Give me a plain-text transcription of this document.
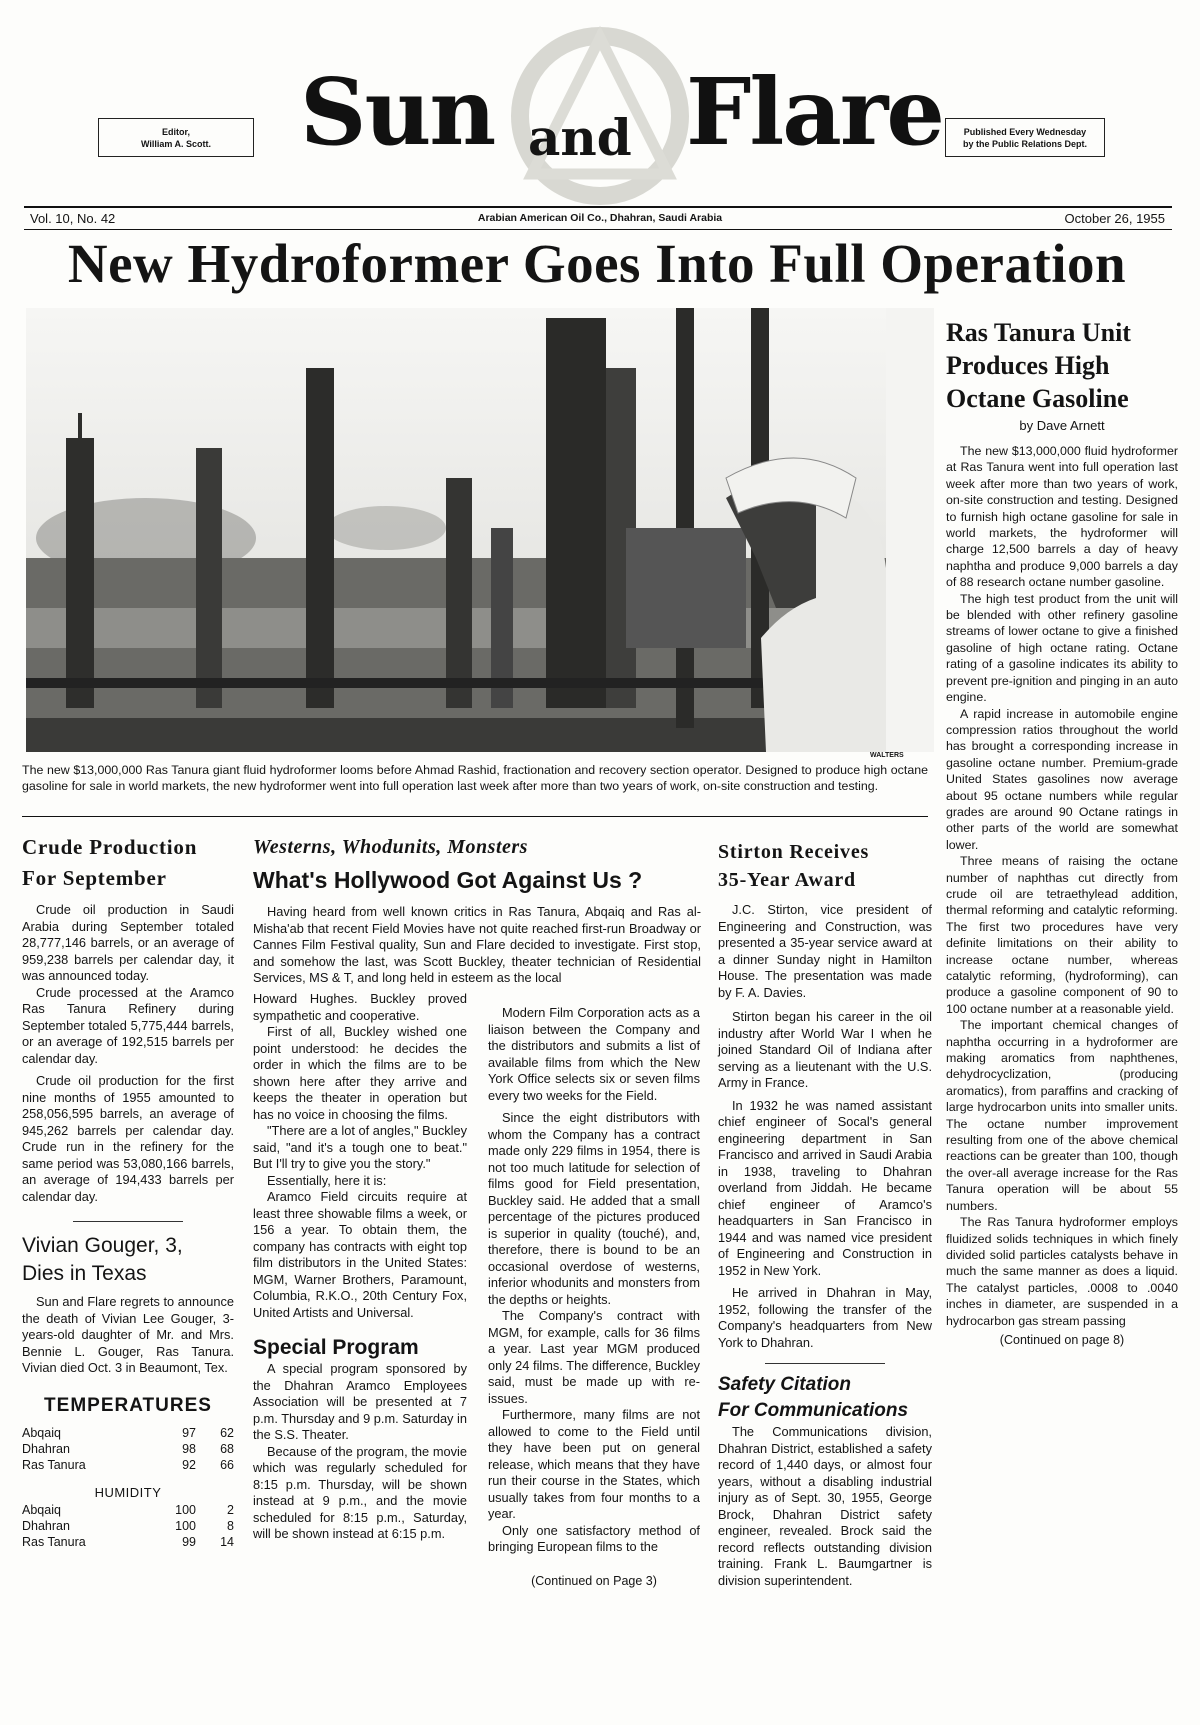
Editor,
William A. Scott. Sun and Flare	Published Every Wednesday
by the Public Relations Dept.
Vol. 10, No. 42	Arabian American Oil Co., Dhahran, Saudi Arabia	October 26, 1955
New Hydroformer Goes Into Full Operation
WALTERS
The new $13,000,000 Ras Tanura giant fluid hydroformer looms before Ahmad Rashid, fractionation and recovery section operator. Designed to produce high octane gasoline for sale in world markets, the new hydroformer went into full operation last week after more than two years of work, on-site construction and testing.
Ras Tanura Unit
Produces High
Octane Gasoline
by Dave Arnett

The new $13,000,000 fluid hydroformer at Ras Tanura went into full operation last week after more than two years of work, on-site construction and testing. Designed to furnish high octane gasoline for sale in world markets, the hydroformer will charge 12,500 barrels a day of heavy naphtha and produce 9,000 barrels a day of 88 research octane number gasoline.

The high test product from the unit will be blended with other refinery gasoline streams of lower octane to give a finished gasoline of high octane rating. Octane rating of a gasoline indicates its ability to prevent pre-ignition and pinging in an auto engine.

A rapid increase in automobile engine compression ratios throughout the world has brought a corresponding increase in gasoline octane number. Premium-grade United States gasolines now average about 95 octane numbers while regular grades are around 90 Octane ratings in other parts of the world are somewhat lower.

Three means of raising the octane number of naphthas cut directly from crude oil are tetraethylead addition, thermal reforming and catalytic reforming. The first two procedures have very definite limitations on their ability to increase octane number, whereas catalytic reforming, (hydroforming), can produce a gasoline component of 90 to 100 octane number at a reasonable yield.

The important chemical changes of naphtha occurring in a hydroformer are making aromatics from naphthenes, dehydrocyclization, (producing aromatics), from paraffins and cracking of large hydrocarbon units into smaller units. The octane number improvement resulting from one of the above chemical reactions can be greater than 100, though the over-all average increase for the Ras Tanura operation will be about 55 numbers.

The Ras Tanura hydroformer employs fluidized solids techniques in which finely divided solid particles catalysts behave in much the same manner as does a liquid. The catalyst particles, .0008 to .0040 inches in diameter, are suspended in a hydrocarbon gas stream passing

(Continued on page 8)
Crude Production
For September

Crude oil production in Saudi Arabia during September totaled 28,777,146 barrels, or an average of 959,238 barrels per calendar day, it was announced today.

Crude processed at the Aramco Ras Tanura Refinery during September totaled 5,775,444 barrels, or an average of 192,515 barrels per calendar day.

Crude oil production for the first nine months of 1955 amounted to 258,056,595 barrels, an average of 945,262 barrels per calendar day. Crude run in the refinery for the same period was 53,080,166 barrels, an average of 194,433 barrels per calendar day.

Vivian Gouger, 3,
Dies in Texas

Sun and Flare regrets to announce the death of Vivian Lee Gouger, 3-years-old daughter of Mr. and Mrs. Bennie L. Gouger, Ras Tanura. Vivian died Oct. 3 in Beaumont, Tex.

TEMPERATURES
Abqaiq	97	62
Dhahran	98	68
Ras Tanura	92	66
HUMIDITY
Abqaiq	100	2
Dhahran	100	8
Ras Tanura	99	14
Westerns, Whodunits, Monsters
What's Hollywood Got Against Us ?

Having heard from well known critics in Ras Tanura, Abqaiq and Ras al-Misha'ab that recent Field Movies have not quite reached first-run Broadway or Cannes Film Festival quality, Sun and Flare decided to investigate. First stop, and somehow the last, was Scott Buckley, theater technician of Residential Services, MS & T, and long held in esteem as the local

Howard Hughes. Buckley proved sympathetic and cooperative.

First of all, Buckley wished one point understood: he decides the order in which the films are to be shown here after they arrive and keeps the theater in operation but has no voice in choosing the films.

"There are a lot of angles," Buckley said, "and it's a tough one to beat." But I'll try to give you the story."

Essentially, here it is:

Aramco Field circuits require at least three showable films a week, or 156 a year. To obtain them, the company has contracts with eight top film distributors in the United States: MGM, Warner Brothers, Paramount, Columbia, R.K.O., 20th Century Fox, United Artists and Universal.

Special Program

A special program sponsored by the Dhahran Aramco Employees Association will be presented at 7 p.m. Thursday and 9 p.m. Saturday in the S.S. Theater.

Because of the program, the movie which was regularly scheduled for 8:15 p.m. Thursday, will be shown instead at 9 p.m., and the movie scheduled for 8:15 p.m., Saturday, will be shown instead at 6:15 p.m.

Modern Film Corporation acts as a liaison between the Company and the distributors and submits a list of available films from which the New York Office selects six or seven films every two weeks for the Field.

Since the eight distributors with whom the Company has a contract made only 229 films in 1954, there is not too much latitude for selection of films good for Field presentation, Buckley said. He added that a small percentage of the pictures produced is superior in quality (touché), and, therefore, there is bound to be an occasional overdose of westerns, inferior whodunits and monsters from the depths or heights.

The Company's contract with MGM, for example, calls for 36 films a year. Last year MGM produced only 24 films. The difference, Buckley said, must be made up with re-issues.

Furthermore, many films are not allowed to come to the Field until they have been put on general release, which means that they have run their course in the States, which usually takes from four months to a year.

Only one satisfactory method of bringing European films to the

(Continued on Page 3)
Stirton Receives
35-Year Award

J.C. Stirton, vice president of Engineering and Construction, was presented a 35-year service award at a dinner Sunday night in Hamilton House. The presentation was made by F. A. Davies.

Stirton began his career in the oil industry after World War I when he joined Standard Oil of Indiana after serving as a lieutenant with the U.S. Army in France.

In 1932 he was named assistant chief engineer of Socal's general engineering department in San Francisco and arrived in Saudi Arabia in 1938, traveling to Dhahran overland from Jiddah. He became chief engineer of Aramco's headquarters in San Francisco in 1944 and was named vice president of Engineering and Construction in 1952 in New York.

He arrived in Dhahran in May, 1952, following the transfer of the Company's headquarters from New York to Dhahran.

Safety Citation
For Communications

The Communications division, Dhahran District, established a safety record of 1,440 days, or almost four years, without a disabling industrial injury as of Sept. 30, 1955, George Brock, Dhahran District safety engineer, revealed. Brock said the record reflects outstanding division training. Frank L. Baumgartner is division superintendent.
